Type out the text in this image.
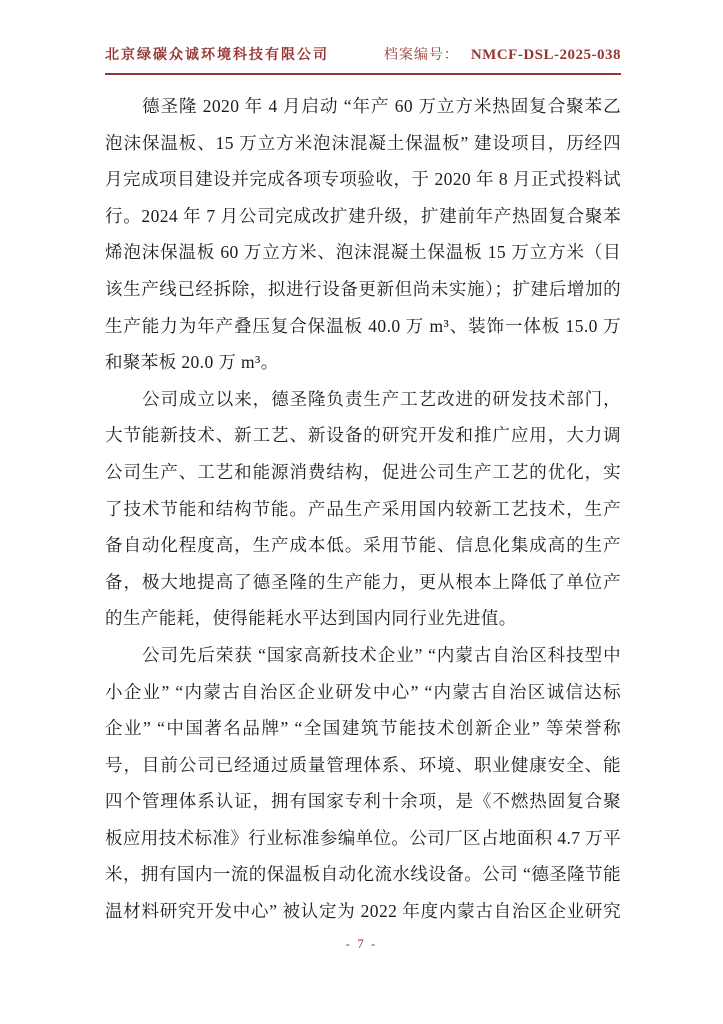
北京绿碳众诚环境科技有限公司	档案编号： NMCF-DSL-2025-038
德圣隆 2020 年 4 月启动 “年产 60 万立方米热固复合聚苯乙
泡沫保温板、15 万立方米泡沫混凝土保温板” 建设项目，历经四
月完成项目建设并完成各项专项验收，于 2020 年 8 月正式投料试
行。2024 年 7 月公司完成改扩建升级，扩建前年产热固复合聚苯
烯泡沫保温板 60 万立方米、泡沫混凝土保温板 15 万立方米（目
该生产线已经拆除，拟进行设备更新但尚未实施）；扩建后增加的
生产能力为年产叠压复合保温板 40.0 万 m³、装饰一体板 15.0 万
和聚苯板 20.0 万 m³。
公司成立以来，德圣隆负责生产工艺改进的研发技术部门，
大节能新技术、新工艺、新设备的研究开发和推广应用，大力调
公司生产、工艺和能源消费结构，促进公司生产工艺的优化，实
了技术节能和结构节能。产品生产采用国内较新工艺技术，生产
备自动化程度高，生产成本低。采用节能、信息化集成高的生产
备，极大地提高了德圣隆的生产能力，更从根本上降低了单位产
的生产能耗，使得能耗水平达到国内同行业先进值。
公司先后荣获 “国家高新技术企业” “内蒙古自治区科技型中
小企业” “内蒙古自治区企业研发中心” “内蒙古自治区诚信达标
企业” “中国著名品牌” “全国建筑节能技术创新企业” 等荣誉称
号，目前公司已经通过质量管理体系、环境、职业健康安全、能
四个管理体系认证，拥有国家专利十余项，是《不燃热固复合聚
板应用技术标准》行业标准参编单位。公司厂区占地面积 4.7 万平
米，拥有国内一流的保温板自动化流水线设备。公司 “德圣隆节能
温材料研究开发中心” 被认定为 2022 年度内蒙古自治区企业研究
- 7 -
